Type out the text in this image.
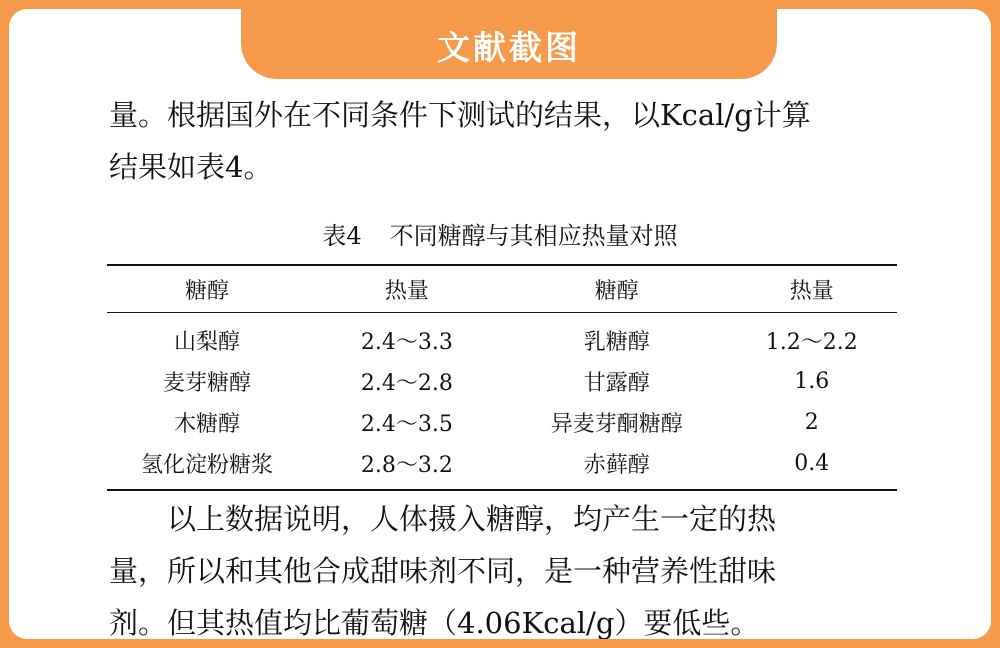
文献截图

量。根据国外在不同条件下测试的结果，以Kcal/g计算
结果如表4。

表4 不同糖醇与其相应热量对照
糖醇	热量	糖醇	热量
山梨醇	2.4～3.3	乳糖醇	1.2～2.2
麦芽糖醇	2.4～2.8	甘露醇	1.6
木糖醇	2.4～3.5	异麦芽酮糖醇	2
氢化淀粉糖浆	2.8～3.2	赤藓醇	0.4

以上数据说明，人体摄入糖醇，均产生一定的热
量，所以和其他合成甜味剂不同，是一种营养性甜味
剂。但其热值均比葡萄糖（4.06Kcal/g）要低些。
